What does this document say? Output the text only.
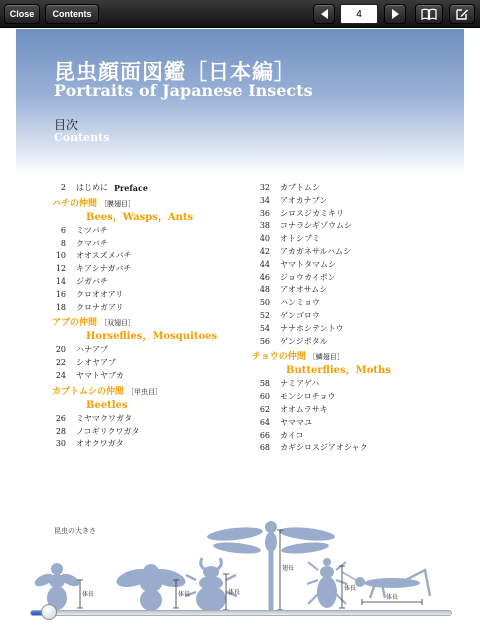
Close	Contents	4
昆虫顔面図鑑［日本編］
Portraits of Japanese Insects
目次
Contents
2	はじめに Preface
ハチの仲間 ［膜翅目］
Bees，Wasps，Ants
6	ミツバチ
8	クマバチ
10	オオスズメバチ
12	キアシナガバチ
14	ジガバチ
16	クロオオアリ
18	クロナガアリ
アブの仲間 ［双翅目］
Horseflies，Mosquitoes
20	ハナアブ
22	シオヤアブ
24	ヤマトヤブカ
カブトムシの仲間 ［甲虫目］
Beetles
26	ミヤマクワガタ
28	ノコギリクワガタ
30	オオクワガタ
32	カブトムシ
34	アオカナブン
36	シロスジカミキリ
38	コナラシギゾウムシ
40	オトシブミ
42	アカガネサルハムシ
44	ヤマトタマムシ
46	ジョウカイボン
48	アオオサムシ
50	ハンミョウ
52	ゲンゴロウ
54	ナナホシテントウ
56	ゲンジボタル
チョウの仲間 ［鱗翅目］
Butterflies，Moths
58	ナミアゲハ
60	モンシロチョウ
62	オオムラサキ
64	ヤママユ
66	カイコ
68	カギシロスジアオシャク
昆虫の大きさ
体長	体長	体長
翅長
体長
体長
